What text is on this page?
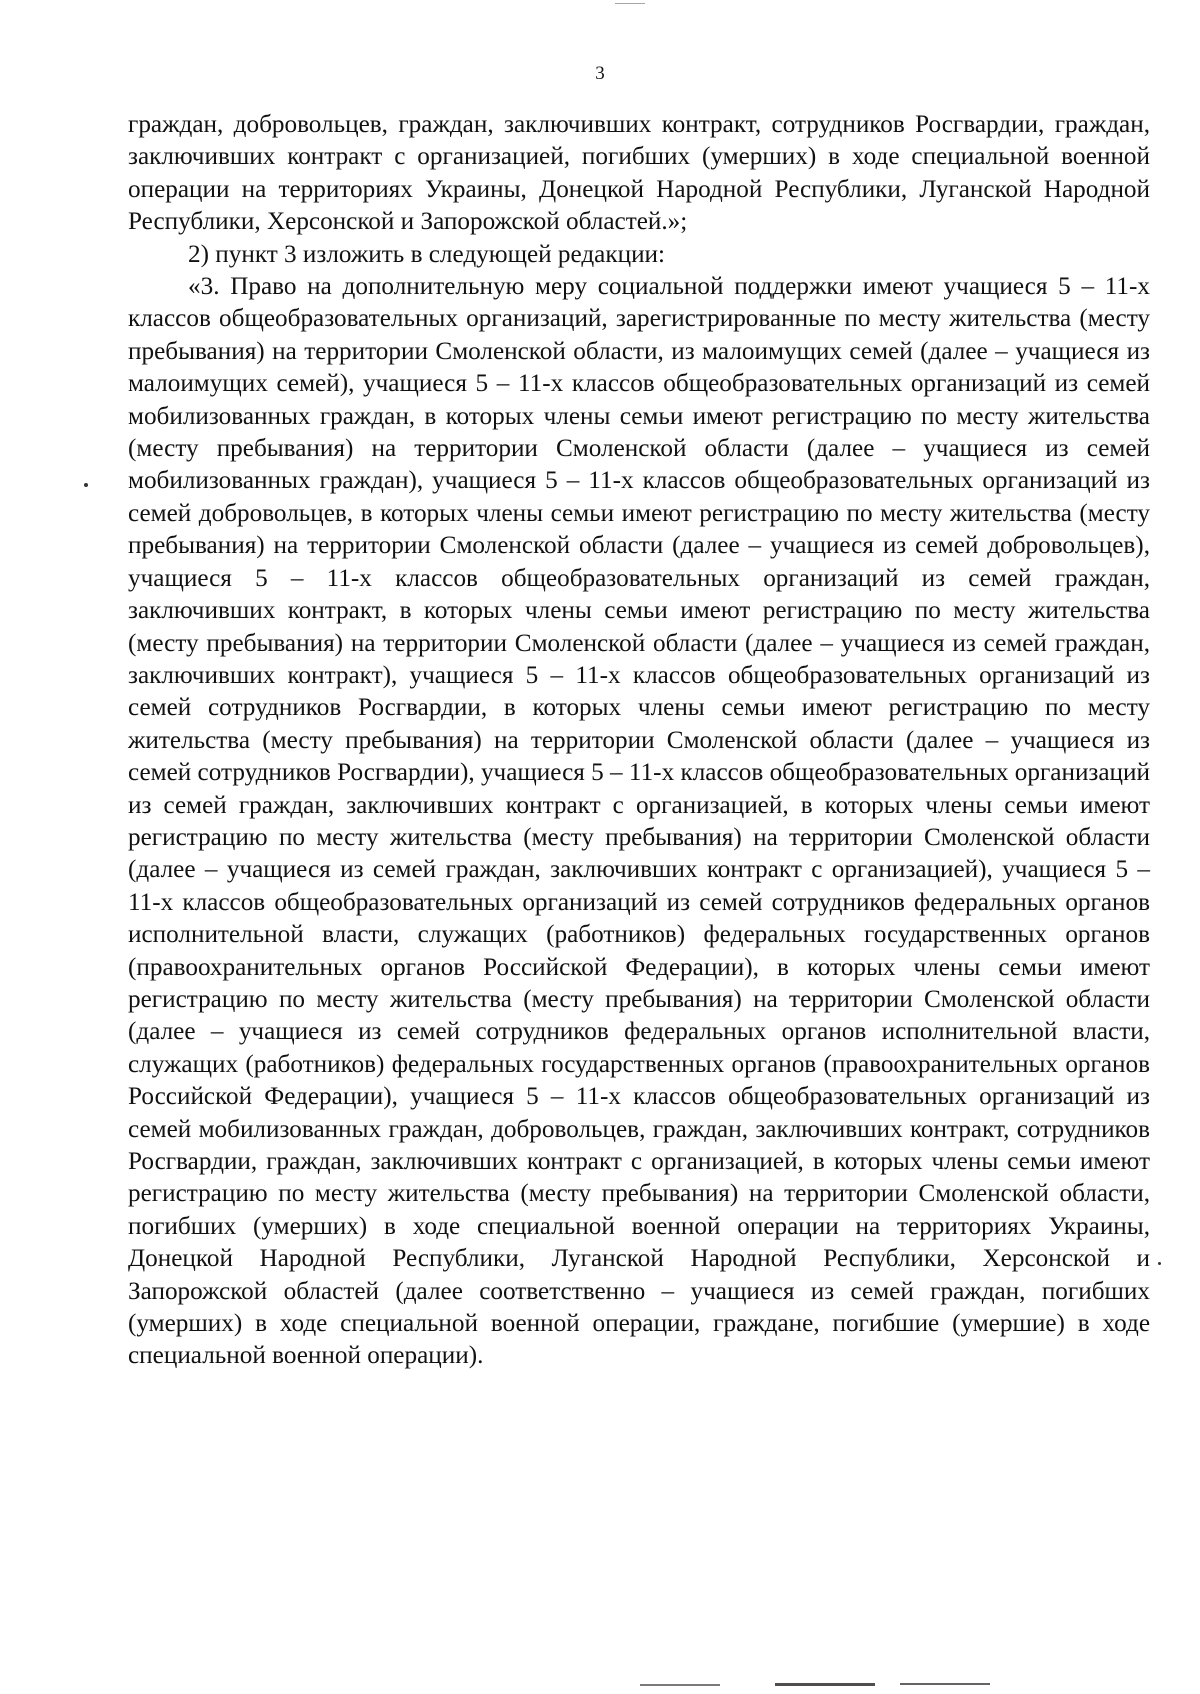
3

граждан, добровольцев, граждан, заключивших контракт, сотрудников Росгвардии, граждан, заключивших контракт с организацией, погибших (умерших) в ходе специальной военной операции на территориях Украины, Донецкой Народной Республики, Луганской Народной Республики, Херсонской и Запорожской областей.»;

2) пункт 3 изложить в следующей редакции:

«3. Право на дополнительную меру социальной поддержки имеют учащиеся 5 – 11-х классов общеобразовательных организаций, зарегистрированные по месту жительства (месту пребывания) на территории Смоленской области, из малоимущих семей (далее – учащиеся из малоимущих семей), учащиеся 5 – 11-х классов общеобразовательных организаций из семей мобилизованных граждан, в которых члены семьи имеют регистрацию по месту жительства (месту пребывания) на территории Смоленской области (далее – учащиеся из семей мобилизованных граждан), учащиеся 5 – 11-х классов общеобразовательных организаций из семей добровольцев, в которых члены семьи имеют регистрацию по месту жительства (месту пребывания) на территории Смоленской области (далее – учащиеся из семей добровольцев), учащиеся 5 – 11-х классов общеобразовательных организаций из семей граждан, заключивших контракт, в которых члены семьи имеют регистрацию по месту жительства (месту пребывания) на территории Смоленской области (далее – учащиеся из семей граждан, заключивших контракт), учащиеся 5 – 11-х классов общеобразовательных организаций из семей сотрудников Росгвардии, в которых члены семьи имеют регистрацию по месту жительства (месту пребывания) на территории Смоленской области (далее – учащиеся из семей сотрудников Росгвардии), учащиеся 5 – 11-х классов общеобразовательных организаций из семей граждан, заключивших контракт с организацией, в которых члены семьи имеют регистрацию по месту жительства (месту пребывания) на территории Смоленской области (далее – учащиеся из семей граждан, заключивших контракт с организацией), учащиеся 5 – 11-х классов общеобразовательных организаций из семей сотрудников федеральных органов исполнительной власти, служащих (работников) федеральных государственных органов (правоохранительных органов Российской Федерации), в которых члены семьи имеют регистрацию по месту жительства (месту пребывания) на территории Смоленской области (далее – учащиеся из семей сотрудников федеральных органов исполнительной власти, служащих (работников) федеральных государственных органов (правоохранительных органов Российской Федерации), учащиеся 5 – 11-х классов общеобразовательных организаций из семей мобилизованных граждан, добровольцев, граждан, заключивших контракт, сотрудников Росгвардии, граждан, заключивших контракт с организацией, в которых члены семьи имеют регистрацию по месту жительства (месту пребывания) на территории Смоленской области, погибших (умерших) в ходе специальной военной операции на территориях Украины, Донецкой Народной Республики, Луганской Народной Республики, Херсонской и Запорожской областей (далее соответственно – учащиеся из семей граждан, погибших (умерших) в ходе специальной военной операции, граждане, погибшие (умершие) в ходе специальной военной операции).
